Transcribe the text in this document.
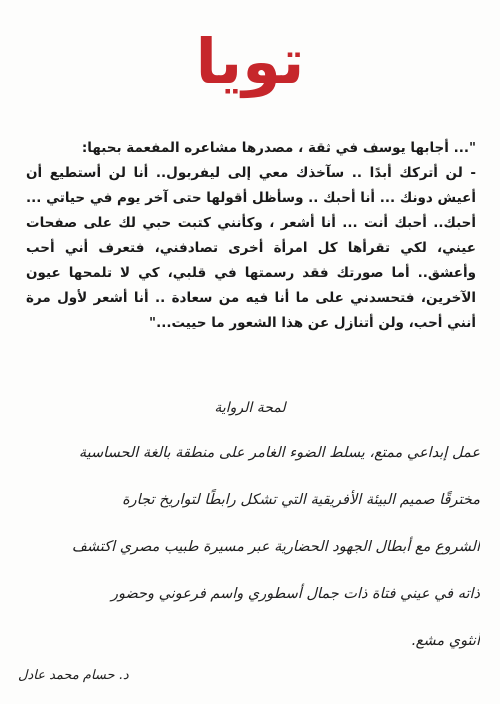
تويا

"... أجابها يوسف في ثقة ، مصدرها مشاعره المفعمة بحبها:

- لن أتركك أبدًا .. سآخذك معي إلى ليفربول.. أنا لن أستطيع أن أعيش دونك ... أنا أحبك .. وسأظل أقولها حتى آخر يوم في حياتي ... أحبك.. أحبك أنت ... أنا أشعر ، وكأنني كتبت حبي لك على صفحات عيني، لكي تقرأها كل امرأة أخرى تصادفني، فتعرف أني أحب وأعشق.. أما صورتك فقد رسمتها في قلبي، كي لا تلمحها عيون الآخرين، فتحسدني على ما أنا فيه من سعادة .. أنا أشعر لأول مرة أنني أحب، ولن أتنازل عن هذا الشعور ما حييت..."

لمحة الرواية
عمل إبداعي ممتع، يسلط الضوء الغامر على منطقة بالغة الحساسية
مخترقًا صميم البيئة الأفريقية التي تشكل رابطًا لتواريخ تجارة
الشروع مع أبطال الجهود الحضارية عبر مسيرة طبيب مصري اكتشف
ذاته في عيني فتاة ذات جمال أسطوري واسم فرعوني وحضور
أنثوي مشع.
د. حسام محمد عادل
